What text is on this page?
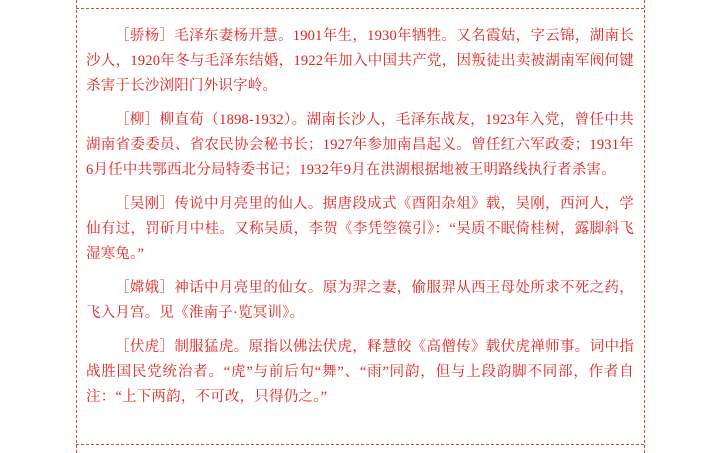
［骄杨］毛泽东妻杨开慧。1901年生，1930年牺牲。又名霞姑，字云锦，湖南长沙人，1920年冬与毛泽东结婚，1922年加入中国共产党，因叛徒出卖被湖南军阀何键杀害于长沙浏阳门外识字岭。

［柳］柳直荀（1898-1932）。湖南长沙人，毛泽东战友，1923年入党，曾任中共湖南省委委员、省农民协会秘书长；1927年参加南昌起义。曾任红六军政委；1931年6月任中共鄂西北分局特委书记；1932年9月在洪湖根据地被王明路线执行者杀害。

［吴刚］传说中月亮里的仙人。据唐段成式《酉阳杂俎》载，吴刚，西河人，学仙有过，罚斫月中桂。又称吴质，李贺《李凭箜篌引》：“吴质不眠倚桂树，露脚斜飞湿寒兔。”

［嫦娥］神话中月亮里的仙女。原为羿之妻，偷服羿从西王母处所求不死之药，飞入月宫。见《淮南子·览冥训》。

［伏虎］制服猛虎。原指以佛法伏虎，释慧皎《高僧传》载伏虎禅师事。词中指战胜国民党统治者。“虎”与前后句“舞”、“雨”同韵，但与上段韵脚不同部，作者自注：“上下两韵，不可改，只得仍之。”
